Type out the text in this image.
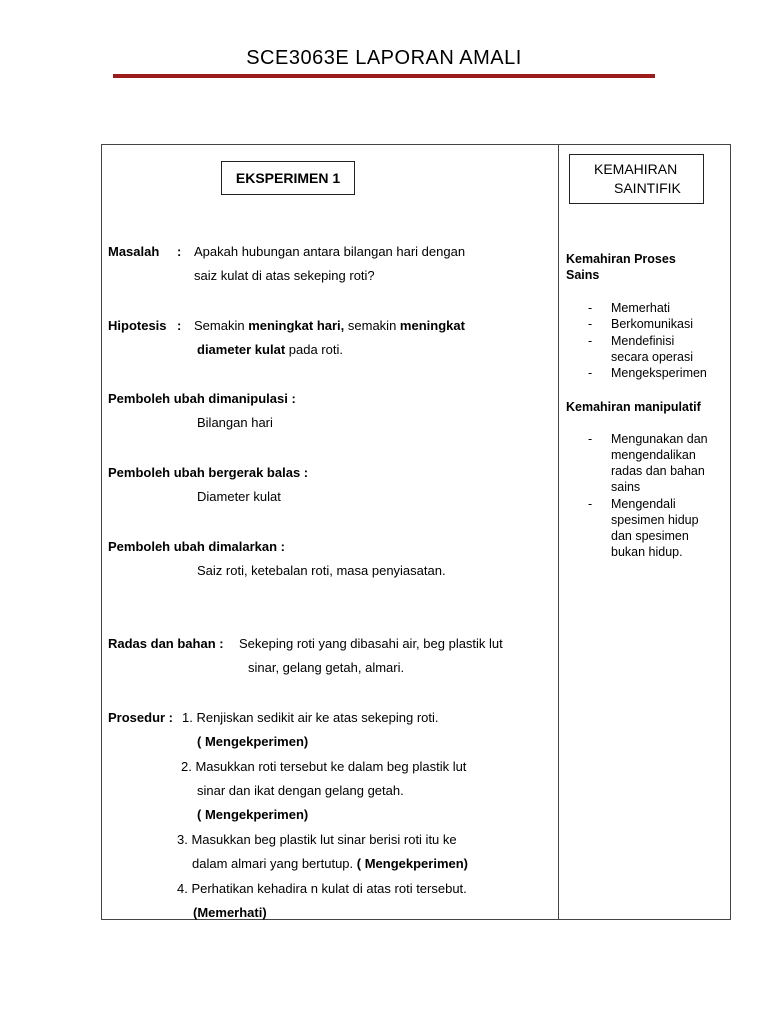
SCE3063E LAPORAN AMALI
EKSPERIMEN 1
Masalah : Apakah hubungan antara bilangan hari dengan
saiz kulat di atas sekeping roti?
Hipotesis : Semakin meningkat hari, semakin meningkat
diameter kulat pada roti.
Pemboleh ubah dimanipulasi :
Bilangan hari
Pemboleh ubah bergerak balas :
Diameter kulat
Pemboleh ubah dimalarkan :
Saiz roti, ketebalan roti, masa penyiasatan.
Radas dan bahan : Sekeping roti yang dibasahi air, beg plastik lut
sinar, gelang getah, almari.
Prosedur : 1. Renjiskan sedikit air ke atas sekeping roti.
( Mengekperimen)
2. Masukkan roti tersebut ke dalam beg plastik lut
sinar dan ikat dengan gelang getah.
( Mengekperimen)
3. Masukkan beg plastik lut sinar berisi roti itu ke
dalam almari yang bertutup. ( Mengekperimen)
4. Perhatikan kehadira n kulat di atas roti tersebut.
(Memerhati)
KEMAHIRAN
SAINTIFIK
Kemahiran Proses
Sains
- Memerhati
- Berkomunikasi
- Mendefinisi
secara operasi
- Mengeksperimen
Kemahiran manipulatif
- Mengunakan dan
mengendalikan
radas dan bahan
sains
- Mengendali
spesimen hidup
dan spesimen
bukan hidup.
